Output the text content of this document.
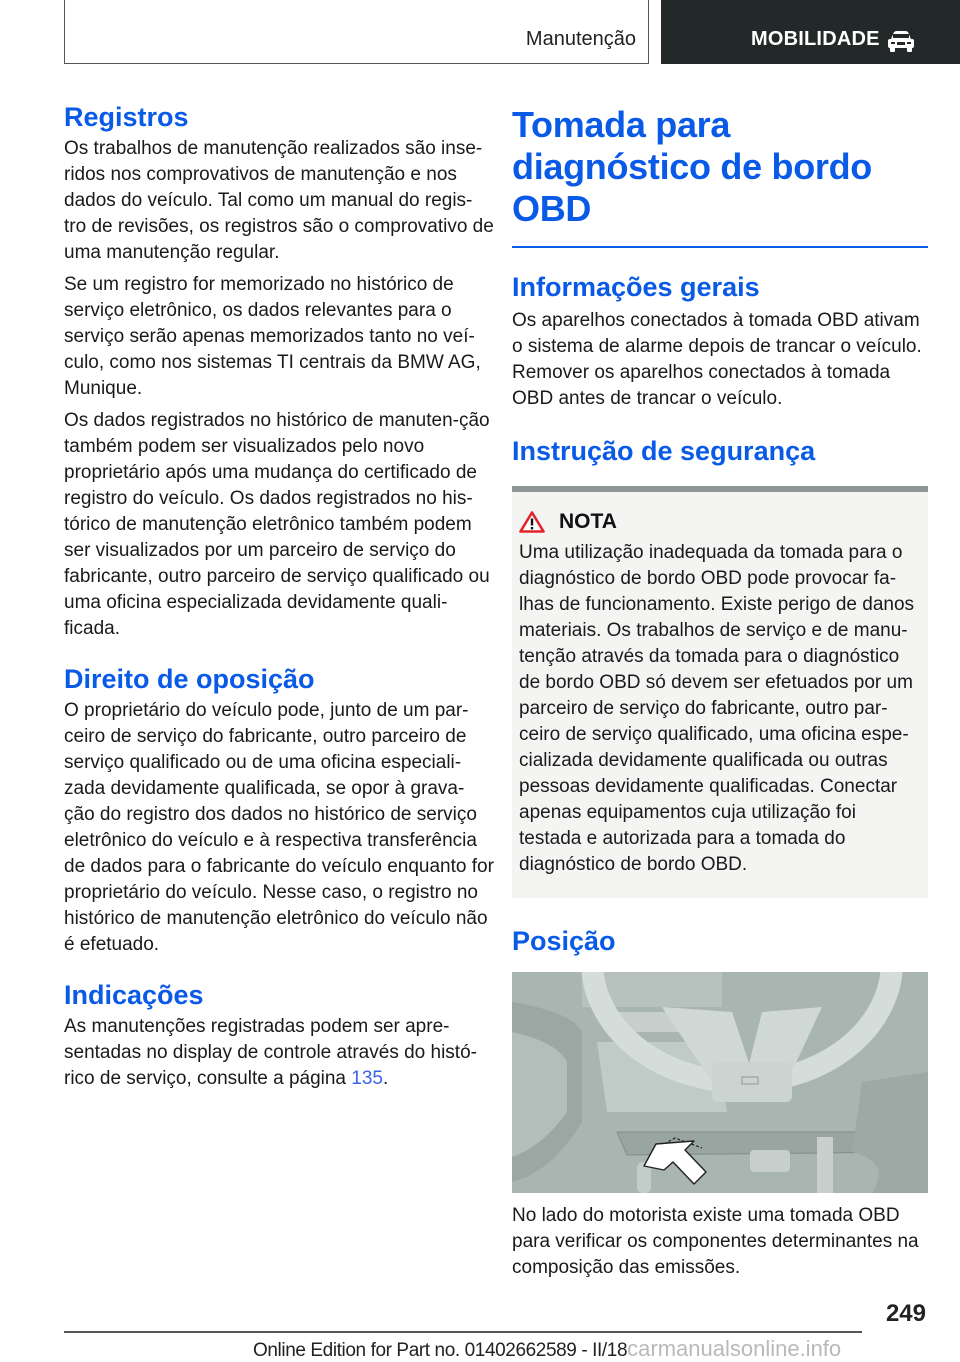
Manutenção	MOBILIDADE
Registros

Os trabalhos de manutenção realizados são inse-ridos nos comprovativos de manutenção e nos dados do veículo. Tal como um manual do regis-tro de revisões, os registros são o comprovativo de uma manutenção regular.

Se um registro for memorizado no histórico de serviço eletrônico, os dados relevantes para o serviço serão apenas memorizados tanto no veí-culo, como nos sistemas TI centrais da BMW AG, Munique.

Os dados registrados no histórico de manuten-ção também podem ser visualizados pelo novo proprietário após uma mudança do certificado de registro do veículo. Os dados registrados no his-tórico de manutenção eletrônico também podem ser visualizados por um parceiro de serviço do fabricante, outro parceiro de serviço qualificado ou uma oficina especializada devidamente quali-ficada.

Direito de oposição

O proprietário do veículo pode, junto de um par-ceiro de serviço do fabricante, outro parceiro de serviço qualificado ou de uma oficina especiali-zada devidamente qualificada, se opor à grava-ção do registro dos dados no histórico de serviço eletrônico do veículo e à respectiva transferência de dados para o fabricante do veículo enquanto for proprietário do veículo. Nesse caso, o registro no histórico de manutenção eletrônico do veículo não é efetuado.

Indicações

As manutenções registradas podem ser apre-sentadas no display de controle através do histó-rico de serviço, consulte a página 135.

Tomada para diagnóstico de bordo OBD
Informações gerais

Os aparelhos conectados à tomada OBD ativam o sistema de alarme depois de trancar o veículo. Remover os aparelhos conectados à tomada OBD antes de trancar o veículo.

Instrução de segurança
NOTA

Uma utilização inadequada da tomada para o diagnóstico de bordo OBD pode provocar fa-lhas de funcionamento. Existe perigo de danos materiais. Os trabalhos de serviço e de manu-tenção através da tomada para o diagnóstico de bordo OBD só devem ser efetuados por um parceiro de serviço do fabricante, outro par-ceiro de serviço qualificado, uma oficina espe-cializada devidamente qualificada ou outras pessoas devidamente qualificadas. Conectar apenas equipamentos cuja utilização foi testada e autorizada para a tomada do diagnóstico de bordo OBD.

Posição

No lado do motorista existe uma tomada OBD para verificar os componentes determinantes na composição das emissões.

249
Online Edition for Part no. 01402662589 - II/18carmanualsonline.info
